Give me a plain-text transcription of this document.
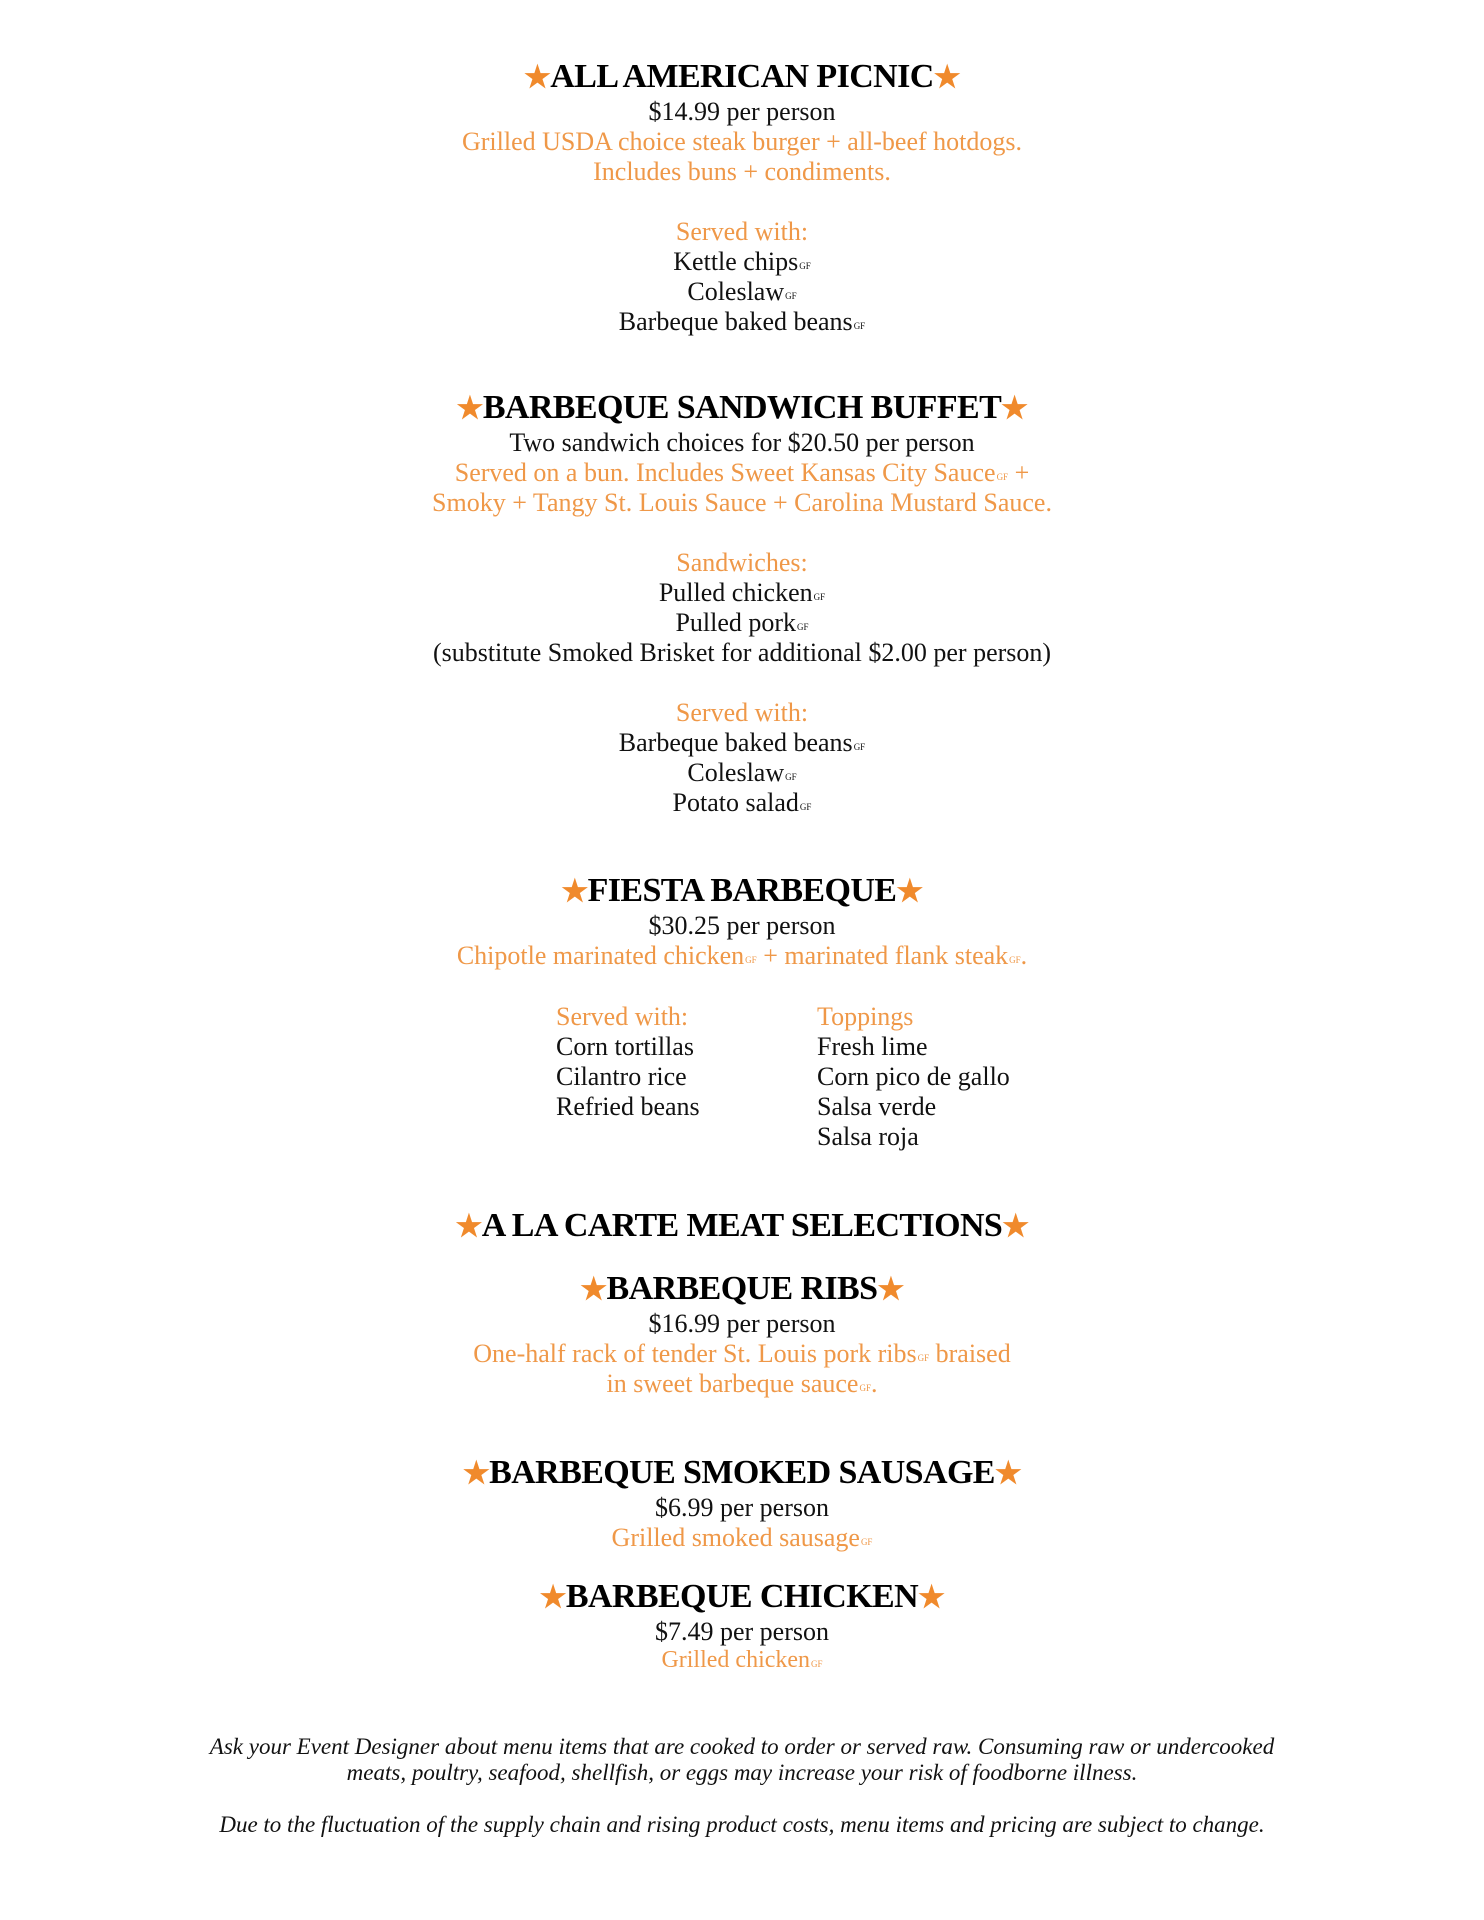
★ALL AMERICAN PICNIC★
$14.99 per person
Grilled USDA choice steak burger + all-beef hotdogs.
Includes buns + condiments.
Served with:
Kettle chips$^{GF}$
Coleslaw$^{GF}$
Barbeque baked beans$^{GF}$
★BARBEQUE SANDWICH BUFFET★
Two sandwich choices for $20.50 per person
Served on a bun. Includes Sweet Kansas City Sauce$^{GF}$ +
Smoky + Tangy St. Louis Sauce + Carolina Mustard Sauce.
Sandwiches:
Pulled chicken$^{GF}$
Pulled pork$^{GF}$
(substitute Smoked Brisket for additional $2.00 per person)
Served with:
Barbeque baked beans$^{GF}$
Coleslaw$^{GF}$
Potato salad$^{GF}$
★FIESTA BARBEQUE★
$30.25 per person
Chipotle marinated chicken$^{GF}$ + marinated flank steak$^{GF}$.
Served with:
Corn tortillas
Cilantro rice
Refried beans
Toppings
Fresh lime
Corn pico de gallo
Salsa verde
Salsa roja
★A LA CARTE MEAT SELECTIONS★
★BARBEQUE RIBS★
$16.99 per person
One-half rack of tender St. Louis pork ribs$^{GF}$ braised
in sweet barbeque sauce$^{GF}$.
★BARBEQUE SMOKED SAUSAGE★
$6.99 per person
Grilled smoked sausage$^{GF}$
★BARBEQUE CHICKEN★
$7.49 per person
Grilled chicken$^{GF}$
Ask your Event Designer about menu items that are cooked to order or served raw. Consuming raw or undercooked
meats, poultry, seafood, shellfish, or eggs may increase your risk of foodborne illness.
Due to the fluctuation of the supply chain and rising product costs, menu items and pricing are subject to change.
